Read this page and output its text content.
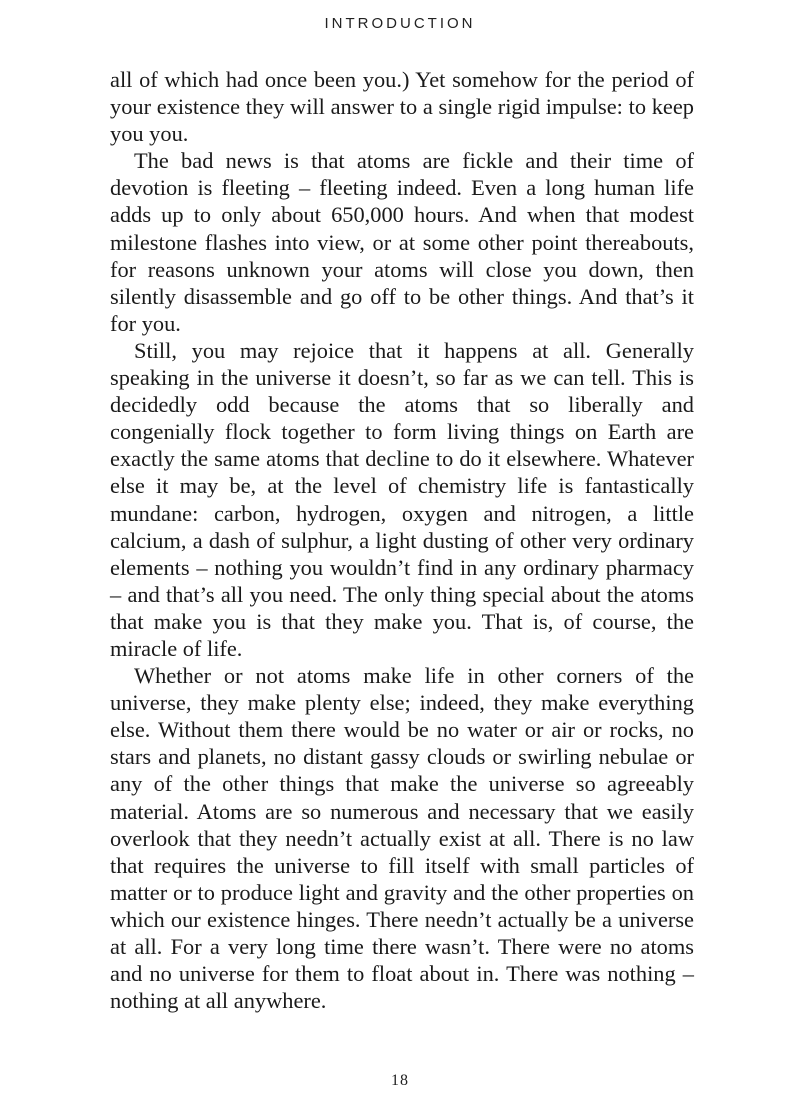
INTRODUCTION

all of which had once been you.) Yet somehow for the period of your existence they will answer to a single rigid impulse: to keep you you.

The bad news is that atoms are fickle and their time of devotion is fleeting – fleeting indeed. Even a long human life adds up to only about 650,000 hours. And when that modest milestone flashes into view, or at some other point thereabouts, for reasons unknown your atoms will close you down, then silently disassemble and go off to be other things. And that’s it for you.

Still, you may rejoice that it happens at all. Generally speaking in the universe it doesn’t, so far as we can tell. This is decidedly odd because the atoms that so liberally and congenially flock together to form living things on Earth are exactly the same atoms that decline to do it elsewhere. Whatever else it may be, at the level of chemistry life is fantastically mundane: carbon, hydrogen, oxygen and nitrogen, a little calcium, a dash of sulphur, a light dusting of other very ordinary elements – nothing you wouldn’t find in any ordinary pharmacy – and that’s all you need. The only thing special about the atoms that make you is that they make you. That is, of course, the miracle of life.

Whether or not atoms make life in other corners of the universe, they make plenty else; indeed, they make everything else. Without them there would be no water or air or rocks, no stars and planets, no distant gassy clouds or swirling nebulae or any of the other things that make the universe so agreeably material. Atoms are so numerous and necessary that we easily overlook that they needn’t actually exist at all. There is no law that requires the universe to fill itself with small particles of matter or to produce light and gravity and the other properties on which our existence hinges. There needn’t actually be a universe at all. For a very long time there wasn’t. There were no atoms and no universe for them to float about in. There was nothing – nothing at all anywhere.

18
